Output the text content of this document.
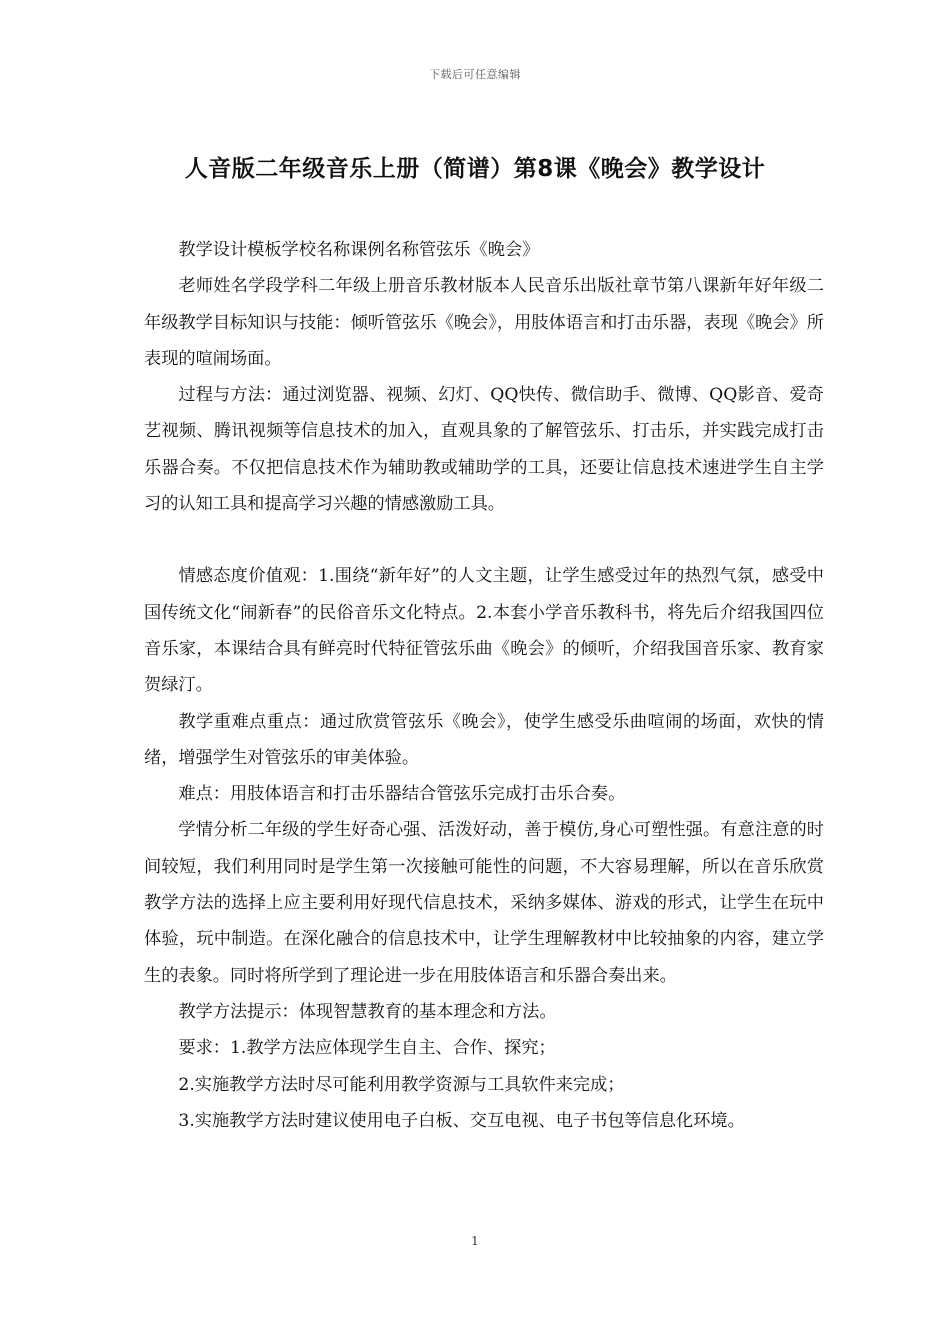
下载后可任意编辑
人音版二年级音乐上册（简谱）第8课《晚会》教学设计

教学设计模板学校名称课例名称管弦乐《晚会》

老师姓名学段学科二年级上册音乐教材版本人民音乐出版社章节第八课新年好年级二年级教学目标知识与技能：倾听管弦乐《晚会》，用肢体语言和打击乐器，表现《晚会》所表现的喧闹场面。

过程与方法：通过浏览器、视频、幻灯、QQ快传、微信助手、微博、QQ影音、爱奇艺视频、腾讯视频等信息技术的加入，直观具象的了解管弦乐、打击乐，并实践完成打击乐器合奏。不仅把信息技术作为辅助教或辅助学的工具，还要让信息技术速进学生自主学习的认知工具和提高学习兴趣的情感激励工具。

情感态度价值观：1.围绕“新年好”的人文主题，让学生感受过年的热烈气氛，感受中国传统文化“闹新春”的民俗音乐文化特点。2.本套小学音乐教科书，将先后介绍我国四位音乐家，本课结合具有鲜亮时代特征管弦乐曲《晚会》的倾听，介绍我国音乐家、教育家贺绿汀。

教学重难点重点：通过欣赏管弦乐《晚会》，使学生感受乐曲喧闹的场面，欢快的情绪，增强学生对管弦乐的审美体验。

难点：用肢体语言和打击乐器结合管弦乐完成打击乐合奏。

学情分析二年级的学生好奇心强、活泼好动，善于模仿,身心可塑性强。有意注意的时间较短，我们利用同时是学生第一次接触可能性的问题，不大容易理解，所以在音乐欣赏教学方法的选择上应主要利用好现代信息技术，采纳多媒体、游戏的形式，让学生在玩中体验，玩中制造。在深化融合的信息技术中，让学生理解教材中比较抽象的内容，建立学生的表象。同时将所学到了理论进一步在用肢体语言和乐器合奏出来。

教学方法提示：体现智慧教育的基本理念和方法。

要求：1.教学方法应体现学生自主、合作、探究；

2.实施教学方法时尽可能利用教学资源与工具软件来完成；

3.实施教学方法时建议使用电子白板、交互电视、电子书包等信息化环境。

1
